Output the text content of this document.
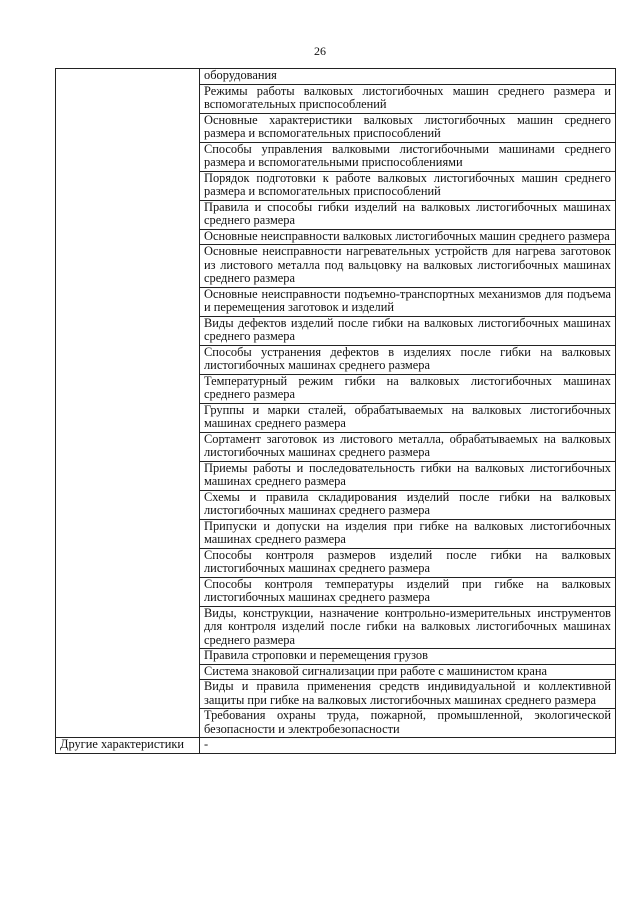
26
	оборудования
	Режимы работы валковых листогибочных машин среднего размера и вспомогательных приспособлений
	Основные характеристики валковых листогибочных машин среднего размера и вспомогательных приспособлений
	Способы управления валковыми листогибочными машинами среднего размера и вспомогательными приспособлениями
	Порядок подготовки к работе валковых листогибочных машин среднего размера и вспомогательных приспособлений
	Правила и способы гибки изделий на валковых листогибочных машинах среднего размера
	Основные неисправности валковых листогибочных машин среднего размера
	Основные неисправности нагревательных устройств для нагрева заготовок из листового металла под вальцовку на валковых листогибочных машинах среднего размера
	Основные неисправности подъемно-транспортных механизмов для подъема и перемещения заготовок и изделий
	Виды дефектов изделий после гибки на валковых листогибочных машинах среднего размера
	Способы устранения дефектов в изделиях после гибки на валковых листогибочных машинах среднего размера
	Температурный режим гибки на валковых листогибочных машинах среднего размера
	Группы и марки сталей, обрабатываемых на валковых листогибочных машинах среднего размера
	Сортамент заготовок из листового металла, обрабатываемых на валковых листогибочных машинах среднего размера
	Приемы работы и последовательность гибки на валковых листогибочных машинах среднего размера
	Схемы и правила складирования изделий после гибки на валковых листогибочных машинах среднего размера
	Припуски и допуски на изделия при гибке на валковых листогибочных машинах среднего размера
	Способы контроля размеров изделий после гибки на валковых листогибочных машинах среднего размера
	Способы контроля температуры изделий при гибке на валковых листогибочных машинах среднего размера
	Виды, конструкции, назначение контрольно-измерительных инструментов для контроля изделий после гибки на валковых листогибочных машинах среднего размера
	Правила строповки и перемещения грузов
	Система знаковой сигнализации при работе с машинистом крана
	Виды и правила применения средств индивидуальной и коллективной защиты при гибке на валковых листогибочных машинах среднего размера
	Требования охраны труда, пожарной, промышленной, экологической безопасности и электробезопасности
Другие характеристики	-
